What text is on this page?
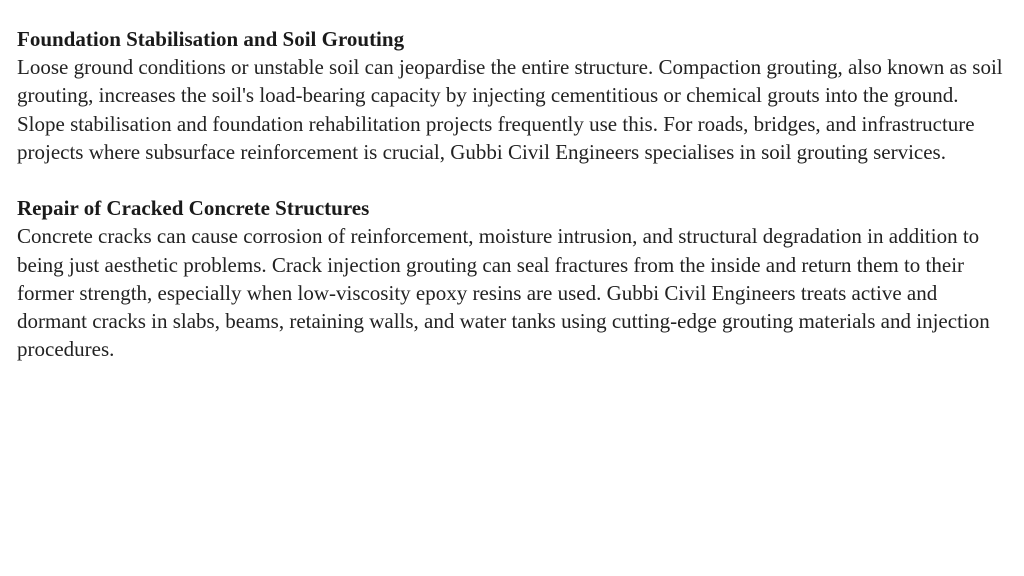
Foundation Stabilisation and Soil Grouting
Loose ground conditions or unstable soil can jeopardise the entire structure. Compaction grouting, also known as soil grouting, increases the soil's load-bearing capacity by injecting cementitious or chemical grouts into the ground. Slope stabilisation and foundation rehabilitation projects frequently use this. For roads, bridges, and infrastructure projects where subsurface reinforcement is crucial, Gubbi Civil Engineers specialises in soil grouting services.
Repair of Cracked Concrete Structures
Concrete cracks can cause corrosion of reinforcement, moisture intrusion, and structural degradation in addition to being just aesthetic problems. Crack injection grouting can seal fractures from the inside and return them to their former strength, especially when low-viscosity epoxy resins are used. Gubbi Civil Engineers treats active and dormant cracks in slabs, beams, retaining walls, and water tanks using cutting-edge grouting materials and injection procedures.
